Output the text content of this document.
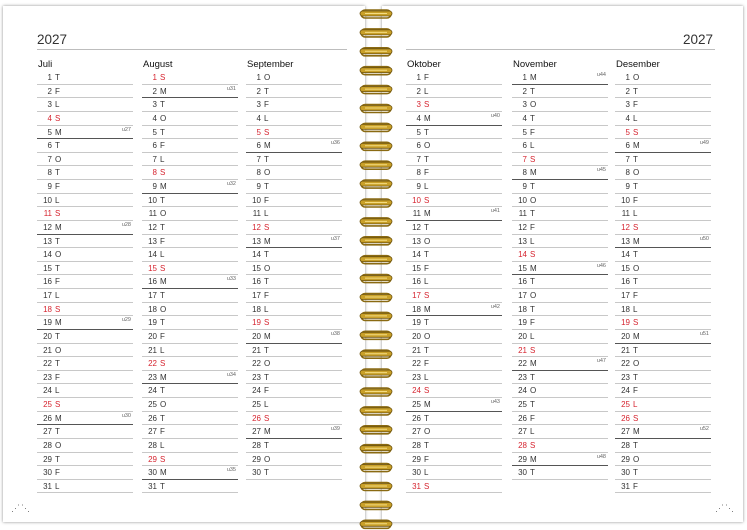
2027
Juli
1 T
2 F
3 L
4 S
5 M	u27
6 T
7 O
8 T
9 F
10 L
11 S
12 M	u28
13 T
14 O
15 T
16 F
17 L
18 S
19 M	u29
20 T
21 O
22 T
23 F
24 L
25 S
26 M	u30
27 T
28 O
29 T
30 F
31 L
August
1 S
2 M	u31
3 T
4 O
5 T
6 F
7 L
8 S
9 M	u32
10 T
11 O
12 T
13 F
14 L
15 S
16 M	u33
17 T
18 O
19 T
20 F
21 L
22 S
23 M	u34
24 T
25 O
26 T
27 F
28 L
29 S
30 M	u35
31 T
September
1 O
2 T
3 F
4 L
5 S
6 M	u36
7 T
8 O
9 T
10 F
11 L
12 S
13 M	u37
14 T
15 O
16 T
17 F
18 L
19 S
20 M	u38
21 T
22 O
23 T
24 F
25 L
26 S
27 M	u39
28 T
29 O
30 T
⋰⋱
2027
Oktober
1 F
2 L
3 S
4 M	u40
5 T
6 O
7 T
8 F
9 L
10 S
11 M	u41
12 T
13 O
14 T
15 F
16 L
17 S
18 M	u42
19 T
20 O
21 T
22 F
23 L
24 S
25 M	u43
26 T
27 O
28 T
29 F
30 L
31 S
November
1 M	u44
2 T
3 O
4 T
5 F
6 L
7 S
8 M	u45
9 T
10 O
11 T
12 F
13 L
14 S
15 M	u46
16 T
17 O
18 T
19 F
20 L
21 S
22 M	u47
23 T
24 O
25 T
26 F
27 L
28 S
29 M	u48
30 T
Desember
1 O
2 T
3 F
4 L
5 S
6 M	u49
7 T
8 O
9 T
10 F
11 L
12 S
13 M	u50
14 T
15 O
16 T
17 F
18 L
19 S
20 M	u51
21 T
22 O
23 T
24 F
25 L
26 S
27 M	u52
28 T
29 O
30 T
31 F
⋰⋱
